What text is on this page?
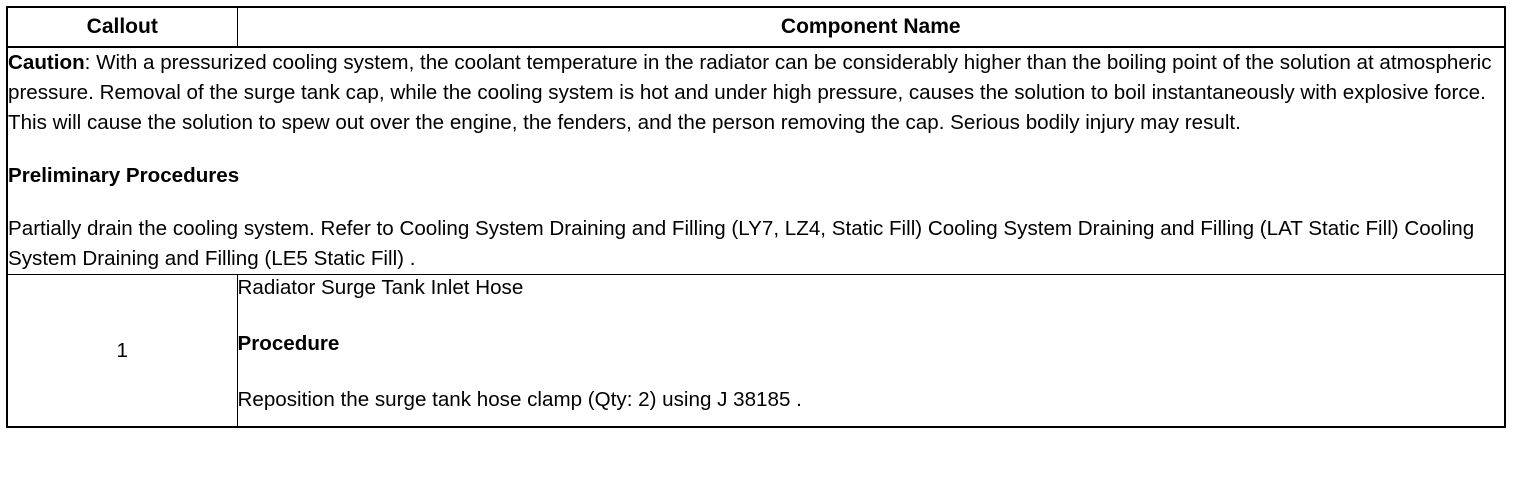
Callout	Component Name

Caution: With a pressurized cooling system, the coolant temperature in the radiator can be considerably higher than the boiling point of the solution at atmospheric pressure. Removal of the surge tank cap, while the cooling system is hot and under high pressure, causes the solution to boil instantaneously with explosive force. This will cause the solution to spew out over the engine, the fenders, and the person removing the cap. Serious bodily injury may result.

Preliminary Procedures

Partially drain the cooling system. Refer to Cooling System Draining and Filling (LY7, LZ4, Static Fill) Cooling System Draining and Filling (LAT Static Fill) Cooling System Draining and Filling (LE5 Static Fill) .	

1	Radiator Surge Tank Inlet Hose

Procedure

Reposition the surge tank hose clamp (Qty: 2) using J 38185 .
